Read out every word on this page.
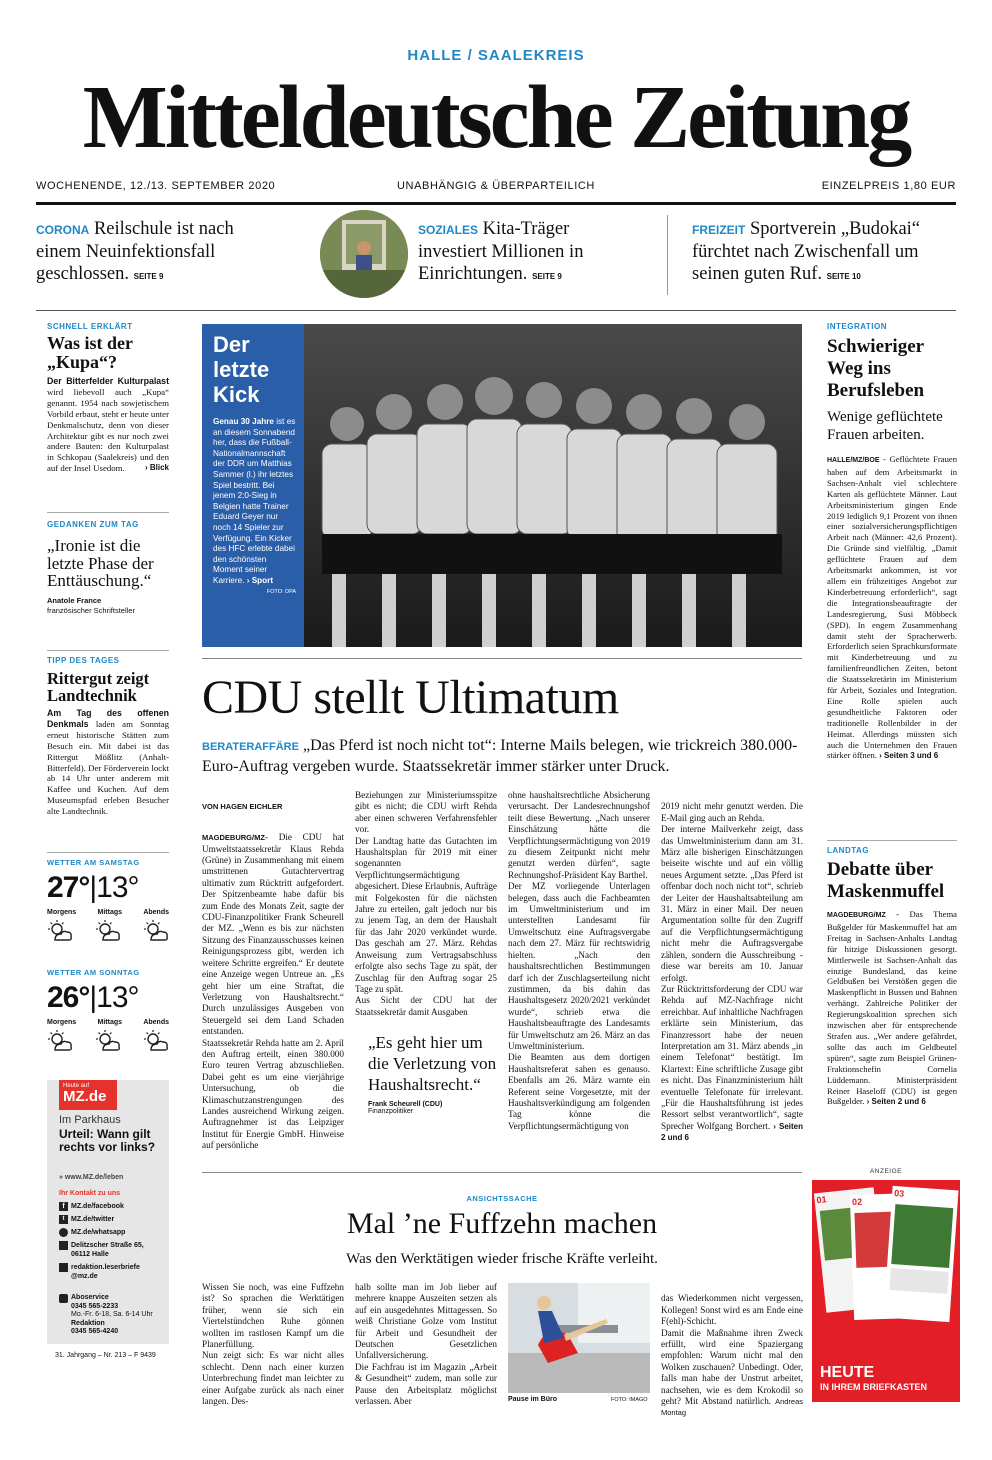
HALLE / SAALEKREIS
Mitteldeutsche Zeitung
WOCHENENDE, 12./13. SEPTEMBER 2020	UNABHÄNGIG & ÜBERPARTEILICH	EINZELPREIS 1,80 EUR
CORONA Reilschule ist nach einem Neuinfektionsfall geschlossen. SEITE 9
SOZIALES Kita-Träger investiert Millionen in Einrichtungen. SEITE 9
FREIZEIT Sportverein „Budokai“ fürchtet nach Zwischenfall um seinen guten Ruf. SEITE 10
SCHNELL ERKLÄRT
Was ist der „Kupa“?
Der Bitterfelder Kulturpalast wird liebevoll auch „Kupa“ genannt. 1954 nach sowjetischem Vorbild erbaut, steht er heute unter Denkmalschutz, denn von dieser Architektur gibt es nur noch zwei andere Bauten: den Kulturpalast in Schkopau (Saalekreis) und den auf der Insel Usedom.	› Blick
GEDANKEN ZUM TAG
„Ironie ist die letzte Phase der Enttäuschung.“
Anatole France
französischer Schriftsteller
TIPP DES TAGES
Rittergut zeigt Landtechnik
Am Tag des offenen Denkmals laden am Sonntag erneut historische Stätten zum Besuch ein. Mit dabei ist das Rittergut Mößlitz (Anhalt-Bitterfeld). Der Förderverein lockt ab 14 Uhr unter anderem mit Kaffee und Kuchen. Auf dem Museumspfad erleben Besucher alte Landtechnik.
WETTER AM SAMSTAG
27°|13°
Morgens	Mittags	Abends
WETTER AM SONNTAG
26°|13°
Morgens	Mittags	Abends
Heute auf
MZ.de
Im Parkhaus
Urteil: Wann gilt rechts vor links?
» www.MZ.de/leben
Ihr Kontakt zu uns
f MZ.de/facebook
t MZ.de/twitter
MZ.de/whatsapp
Delitzscher Straße 65, 06112 Halle
redaktion.leserbriefe @mz.de
Aboservice
0345 565-2233
Mo.-Fr. 6-18, Sa. 6-14 Uhr
Redaktion
0345 565-4240
31. Jahrgang – Nr. 213 – F 9439
Der letzte Kick
Genau 30 Jahre ist es an diesem Sonnabend her, dass die Fußball-Nationalmannschaft der DDR um Matthias Sammer (l.) ihr letztes Spiel bestritt. Bei jenem 2:0-Sieg in Belgien hatte Trainer Eduard Geyer nur noch 14 Spieler zur Verfügung. Ein Kicker des HFC erlebte dabei den schönsten Moment seiner Karriere. › Sport
FOTO: DPA
CDU stellt Ultimatum
BERATERAFFÄRE „Das Pferd ist noch nicht tot“: Interne Mails belegen, wie trickreich 380.000-Euro-Auftrag vergeben wurde. Staatssekretär immer stärker unter Druck.

VON HAGEN EICHLER

MAGDEBURG/MZ- Die CDU hat Umweltstaatssekretär Klaus Rehda (Grüne) in Zusammenhang mit einem umstrittenen Gutachtervertrag ultimativ zum Rücktritt aufgefordert. Der Spitzenbeamte habe dafür bis zum Ende des Monats Zeit, sagte der CDU-Finanzpolitiker Frank Scheurell der MZ. „Wenn es bis zur nächsten Sitzung des Finanzausschusses keinen Reinigungsprozess gibt, werden ich weitere Schritte ergreifen.“ Er deutete eine Anzeige wegen Untreue an. „Es geht hier um eine Straftat, die Verletzung von Haushaltsrecht.“ Durch unzulässiges Ausgeben von Steuergeld sei dem Land Schaden entstanden.
Staatssekretär Rehda hatte am 2. April den Auftrag erteilt, einen 380.000 Euro teuren Vertrag abzuschließen. Dabei geht es um eine vierjährige Untersuchung, ob die Klimaschutzanstrengungen des Landes ausreichend Wirkung zeigen. Auftragnehmer ist das Leipziger Institut für Energie GmbH. Hinweise auf persönliche

Beziehungen zur Ministeriumsspitze gibt es nicht; die CDU wirft Rehda aber einen schweren Verfahrensfehler vor.
Der Landtag hatte das Gutachten im Haushaltsplan für 2019 mit einer sogenannten Verpflichtungsermächtigung abgesichert. Diese Erlaubnis, Aufträge mit Folgekosten für die nächsten Jahre zu erteilen, galt jedoch nur bis zu jenem Tag, an dem der Haushalt für das Jahr 2020 verkündet wurde. Das geschah am 27. März. Rehdas Anweisung zum Vertragsabschluss erfolgte also sechs Tage zu spät, der Zuschlag für den Auftrag sogar 25 Tage zu spät.
Aus Sicht der CDU hat der Staatssekretär damit Ausgaben
„Es geht hier um die Verletzung von Haushaltsrecht.“
Frank Scheurell (CDU)
Finanzpolitiker
ohne haushaltsrechtliche Absicherung verursacht. Der Landesrechnungshof teilt diese Bewertung. „Nach unserer Einschätzung hätte die Verpflichtungsermächtigung von 2019 zu diesem Zeitpunkt nicht mehr genutzt werden dürfen“, sagte Rechnungshof-Präsident Kay Barthel.
Der MZ vorliegende Unterlagen belegen, dass auch die Fachbeamten im Umweltministerium und im unterstellten Landesamt für Umweltschutz eine Auftragsvergabe nach dem 27. März für rechtswidrig hielten. „Nach den haushaltsrechtlichen Bestimmungen darf ich der Zuschlagserteilung nicht zustimmen, da bis dahin das Haushaltsgesetz 2020/2021 verkündet wurde“, schrieb etwa die Haushaltsbeauftragte des Landesamts für Umweltschutz am 26. März an das Umweltministerium.
Die Beamten aus dem dortigen Haushaltsreferat sahen es genauso. Ebenfalls am 26. März warnte ein Referent seine Vorgesetzte, mit der Haushaltsverkündigung am folgenden Tag könne die Verpflichtungsermächtigung von

2019 nicht mehr genutzt werden. Die E-Mail ging auch an Rehda.
Der interne Mailverkehr zeigt, dass das Umweltministerium dann am 31. März alle bisherigen Einschätzungen beiseite wischte und auf ein völlig neues Argument setzte. „Das Pferd ist offenbar doch noch nicht tot“, schrieb der Leiter der Haushaltsabteilung am 31. März in einer Mail. Der neuen Argumentation sollte für den Zugriff auf die Verpflichtungsermächtigung nicht mehr die Auftragsvergabe zählen, sondern die Ausschreibung - diese war bereits am 10. Januar erfolgt.
Zur Rücktrittsforderung der CDU war Rehda auf MZ-Nachfrage nicht erreichbar. Auf inhaltliche Nachfragen erklärte sein Ministerium, das Finanzressort habe der neuen Interpretation am 31. März abends „in einem Telefonat“ bestätigt. Im Klartext: Eine schriftliche Zusage gibt es nicht. Das Finanzministerium hält eventuelle Telefonate für irrelevant. „Für die Haushaltsführung ist jedes Ressort selbst verantwortlich“, sagte Sprecher Wolfgang Borchert. › Seiten 2 und 6

INTEGRATION
Schwieriger Weg ins Berufsleben
Wenige geflüchtete Frauen arbeiten.
HALLE/MZ/BOE - Geflüchtete Frauen haben auf dem Arbeitsmarkt in Sachsen-Anhalt viel schlechtere Karten als geflüchtete Männer. Laut Arbeitsministerium gingen Ende 2019 lediglich 9,1 Prozent von ihnen einer sozialversicherungspflichtigen Arbeit nach (Männer: 42,6 Prozent). Die Gründe sind vielfältig. „Damit geflüchtete Frauen auf dem Arbeitsmarkt ankommen, ist vor allem ein frühzeitiges Angebot zur Kinderbetreuung erforderlich“, sagt die Integrationsbeauftragte der Landesregierung, Susi Möbbeck (SPD). In engem Zusammenhang damit steht der Spracherwerb. Erforderlich seien Sprachkursformate mit Kinderbetreuung und zu familienfreundlichen Zeiten, betont die Staatssekretärin im Ministerium für Arbeit, Soziales und Integration. Eine Rolle spielen auch gesundheitliche Faktoren oder traditionelle Rollenbilder in der Heimat. Allerdings müssten sich auch die Unternehmen den Frauen stärker öffnen. › Seiten 3 und 6
LANDTAG
Debatte über Maskenmuffel
MAGDEBURG/MZ - Das Thema Bußgelder für Maskenmuffel hat am Freitag in Sachsen-Anhalts Landtag für hitzige Diskussionen gesorgt. Mittlerweile ist Sachsen-Anhalt das einzige Bundesland, das keine Geldbußen bei Verstößen gegen die Maskenpflicht in Bussen und Bahnen verhängt. Zahlreiche Politiker der Regierungskoalition sprechen sich inzwischen aber für entsprechende Strafen aus. „Wer andere gefährdet, sollte das auch im Geldbeutel spüren“, sagte zum Beispiel Grünen-Fraktionschefin Cornelia Lüddemann. Ministerpräsident Reiner Haseloff (CDU) ist gegen Bußgelder. › Seiten 2 und 6
ANZEIGE
01	02
03
HEUTE
IN IHREM BRIEFKASTEN
ANSICHTSSACHE
Mal ’ne Fuffzehn machen
Was den Werktätigen wieder frische Kräfte verleiht.
Wissen Sie noch, was eine Fuffzehn ist? So sprachen die Werktätigen früher, wenn sie sich ein Viertelstündchen Ruhe gönnen wollten im rastlosen Kampf um die Planerfüllung.
Nun zeigt sich: Es war nicht alles schlecht. Denn nach einer kurzen Unterbrechung findet man leichter zu einer Aufgabe zurück als nach einer langen. Des-
halb sollte man im Job lieber auf mehrere knappe Auszeiten setzen als auf ein ausgedehntes Mittagessen. So weiß Christiane Golze vom Institut für Arbeit und Gesundheit der Deutschen Gesetzlichen Unfallversicherung.
Die Fachfrau ist im Magazin „Arbeit & Gesundheit“ zudem, man solle zur Pause den Arbeitsplatz möglichst verlassen. Aber	Pause im Büro	FOTO: IMAGO

das Wiederkommen nicht vergessen, Kollegen! Sonst wird es am Ende eine F(ehl)-Schicht.
Damit die Maßnahme ihren Zweck erfüllt, wird eine Spaziergang empfohlen: Warum nicht mal den Wolken zuschauen? Unbedingt. Oder, falls man habe der Unstrut arbeitet, nachsehen, wie es dem Krokodil so geht? Mit Abstand natürlich. Andreas Montag
